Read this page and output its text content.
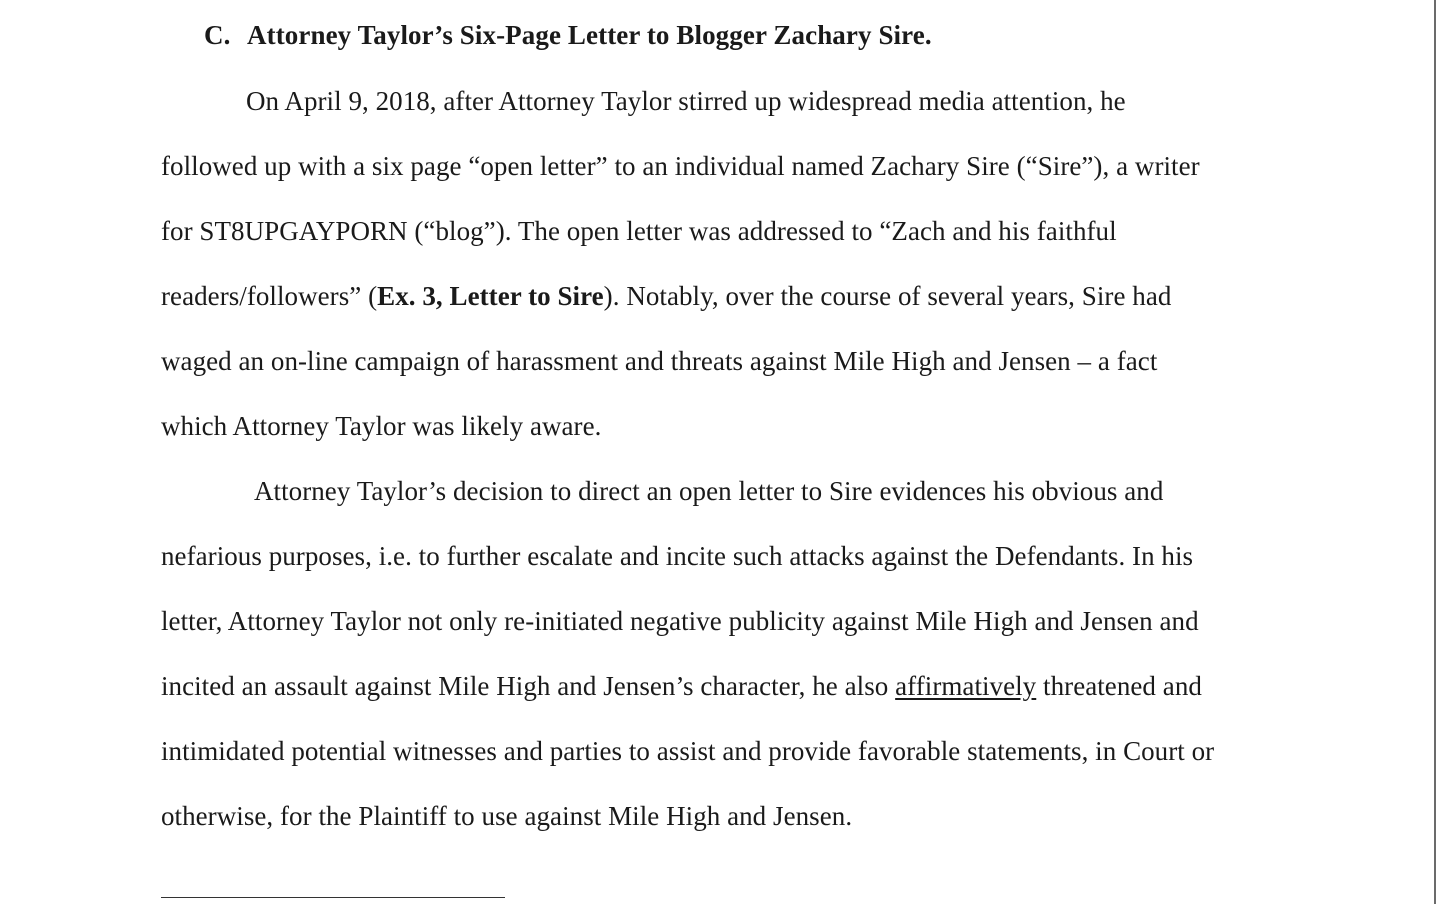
C. Attorney Taylor’s Six-Page Letter to Blogger Zachary Sire.
On April 9, 2018, after Attorney Taylor stirred up widespread media attention, he
followed up with a six page “open letter” to an individual named Zachary Sire (“Sire”), a writer
for ST8UPGAYPORN (“blog”). The open letter was addressed to “Zach and his faithful
readers/followers” (Ex. 3, Letter to Sire). Notably, over the course of several years, Sire had
waged an on-line campaign of harassment and threats against Mile High and Jensen – a fact
which Attorney Taylor was likely aware.
Attorney Taylor’s decision to direct an open letter to Sire evidences his obvious and
nefarious purposes, i.e. to further escalate and incite such attacks against the Defendants. In his
letter, Attorney Taylor not only re-initiated negative publicity against Mile High and Jensen and
incited an assault against Mile High and Jensen’s character, he also affirmatively threatened and
intimidated potential witnesses and parties to assist and provide favorable statements, in Court or
otherwise, for the Plaintiff to use against Mile High and Jensen.
